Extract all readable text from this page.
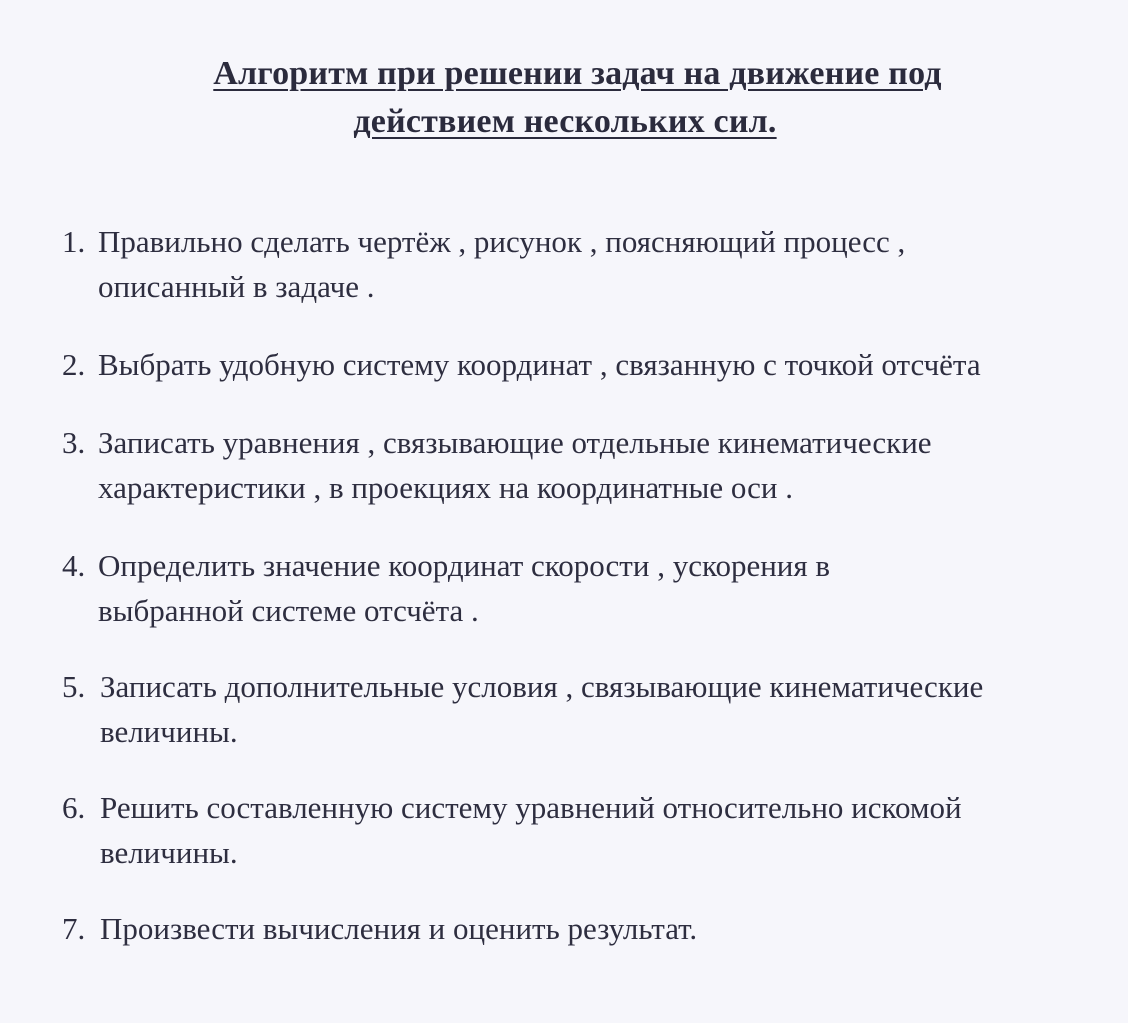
Алгоритм при решении задач на движение под
действием нескольких сил.
1. Правильно сделать чертёж , рисунок , поясняющий процесс ,
описанный в задаче .
2. Выбрать удобную систему координат , связанную с точкой отсчёта
3. Записать уравнения , связывающие отдельные кинематические
характеристики , в проекциях на координатные оси .
4. Определить значение координат скорости , ускорения в
выбранной системе отсчёта .
5. Записать дополнительные условия , связывающие кинематические
величины.
6. Решить составленную систему уравнений относительно искомой
величины.
7. Произвести вычисления и оценить результат.
